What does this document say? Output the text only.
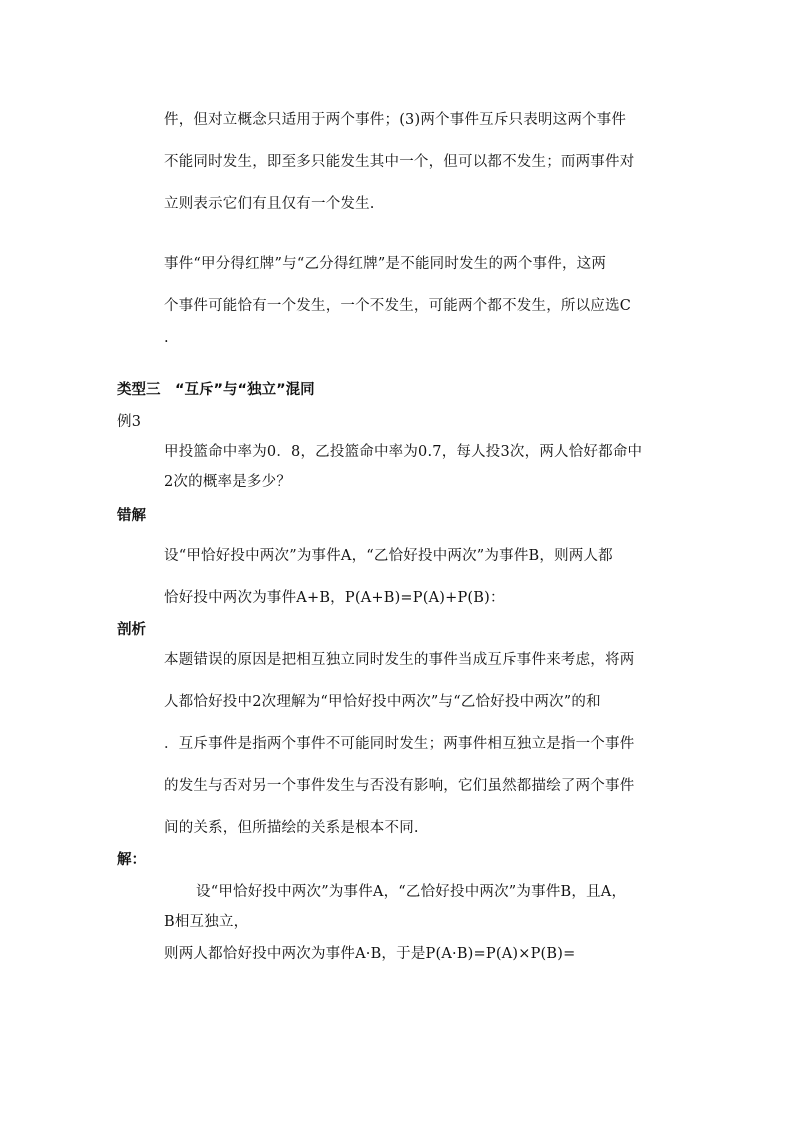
件，但对立概念只适用于两个事件；(3)两个事件互斥只表明这两个事件
不能同时发生，即至多只能发生其中一个，但可以都不发生；而两事件对
立则表示它们有且仅有一个发生.
事件“甲分得红牌”与“乙分得红牌”是不能同时发生的两个事件，这两
个事件可能恰有一个发生，一个不发生，可能两个都不发生，所以应选C
.
类型三　“互斥”与“独立”混同
例3
甲投篮命中率为0．8，乙投篮命中率为0.7，每人投3次，两人恰好都命中
2次的概率是多少？
错解
设“甲恰好投中两次”为事件A，“乙恰好投中两次”为事件B，则两人都
恰好投中两次为事件A+B，P(A+B)=P(A)+P(B)：
剖析
本题错误的原因是把相互独立同时发生的事件当成互斥事件来考虑，将两
人都恰好投中2次理解为“甲恰好投中两次”与“乙恰好投中两次”的和
．互斥事件是指两个事件不可能同时发生；两事件相互独立是指一个事件
的发生与否对另一个事件发生与否没有影响，它们虽然都描绘了两个事件
间的关系，但所描绘的关系是根本不同.
解：
设“甲恰好投中两次”为事件A，“乙恰好投中两次”为事件B，且A，
B相互独立，
则两人都恰好投中两次为事件A·B，于是P(A·B)=P(A)×P(B)=
